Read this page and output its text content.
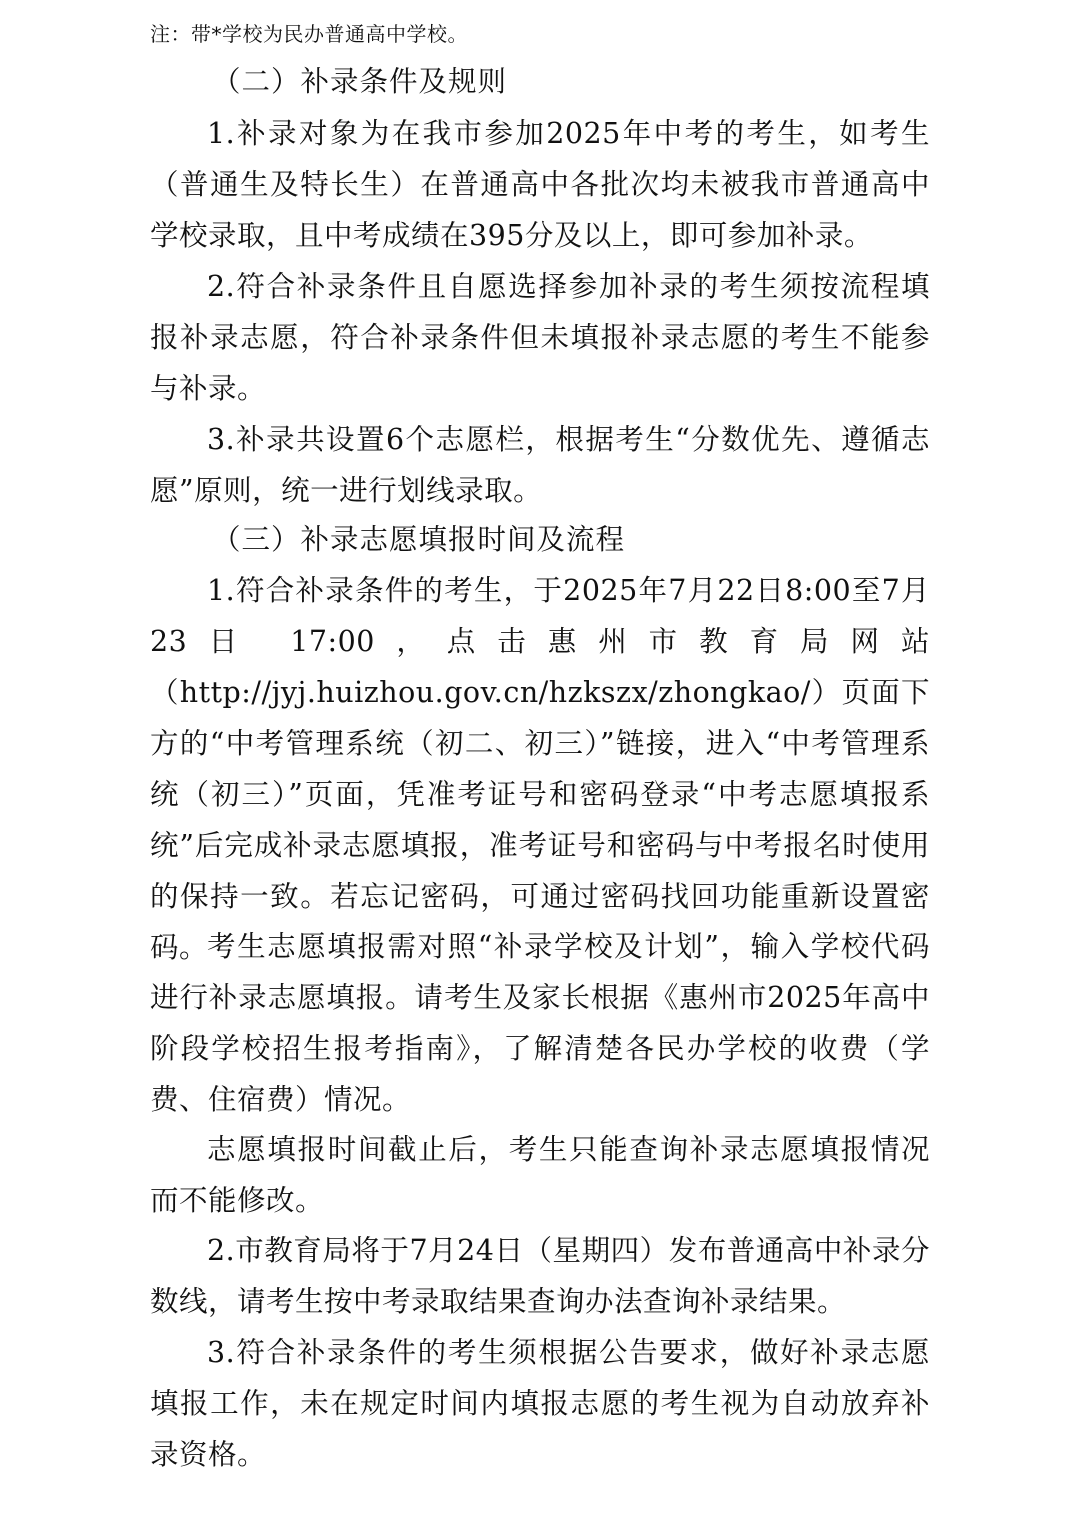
注：带*学校为民办普通高中学校。
（二）补录条件及规则
1.补录对象为在我市参加2025年中考的考生，如考生（普通生及特长生）在普通高中各批次均未被我市普通高中学校录取，且中考成绩在395分及以上，即可参加补录。
2.符合补录条件且自愿选择参加补录的考生须按流程填报补录志愿，符合补录条件但未填报补录志愿的考生不能参与补录。
3.补录共设置6个志愿栏，根据考生“分数优先、遵循志愿”原则，统一进行划线录取。
（三）补录志愿填报时间及流程
1.符合补录条件的考生，于2025年7月22日8:00至7月23日 17:00，点击惠州市教育局网站（http://jyj.huizhou.gov.cn/hzkszx/zhongkao/）页面下方的“中考管理系统（初二、初三）”链接，进入“中考管理系统（初三）”页面，凭准考证号和密码登录“中考志愿填报系统”后完成补录志愿填报，准考证号和密码与中考报名时使用的保持一致。若忘记密码，可通过密码找回功能重新设置密码。
考生志愿填报需对照“补录学校及计划”，输入学校代码进行补录志愿填报。请考生及家长根据《惠州市2025年高中阶段学校招生报考指南》，了解清楚各民办学校的收费（学费、住宿费）情况。
志愿填报时间截止后，考生只能查询补录志愿填报情况而不能修改。
2.市教育局将于7月24日（星期四）发布普通高中补录分数线，请考生按中考录取结果查询办法查询补录结果。
3.符合补录条件的考生须根据公告要求，做好补录志愿填报工作，未在规定时间内填报志愿的考生视为自动放弃补录资格。
